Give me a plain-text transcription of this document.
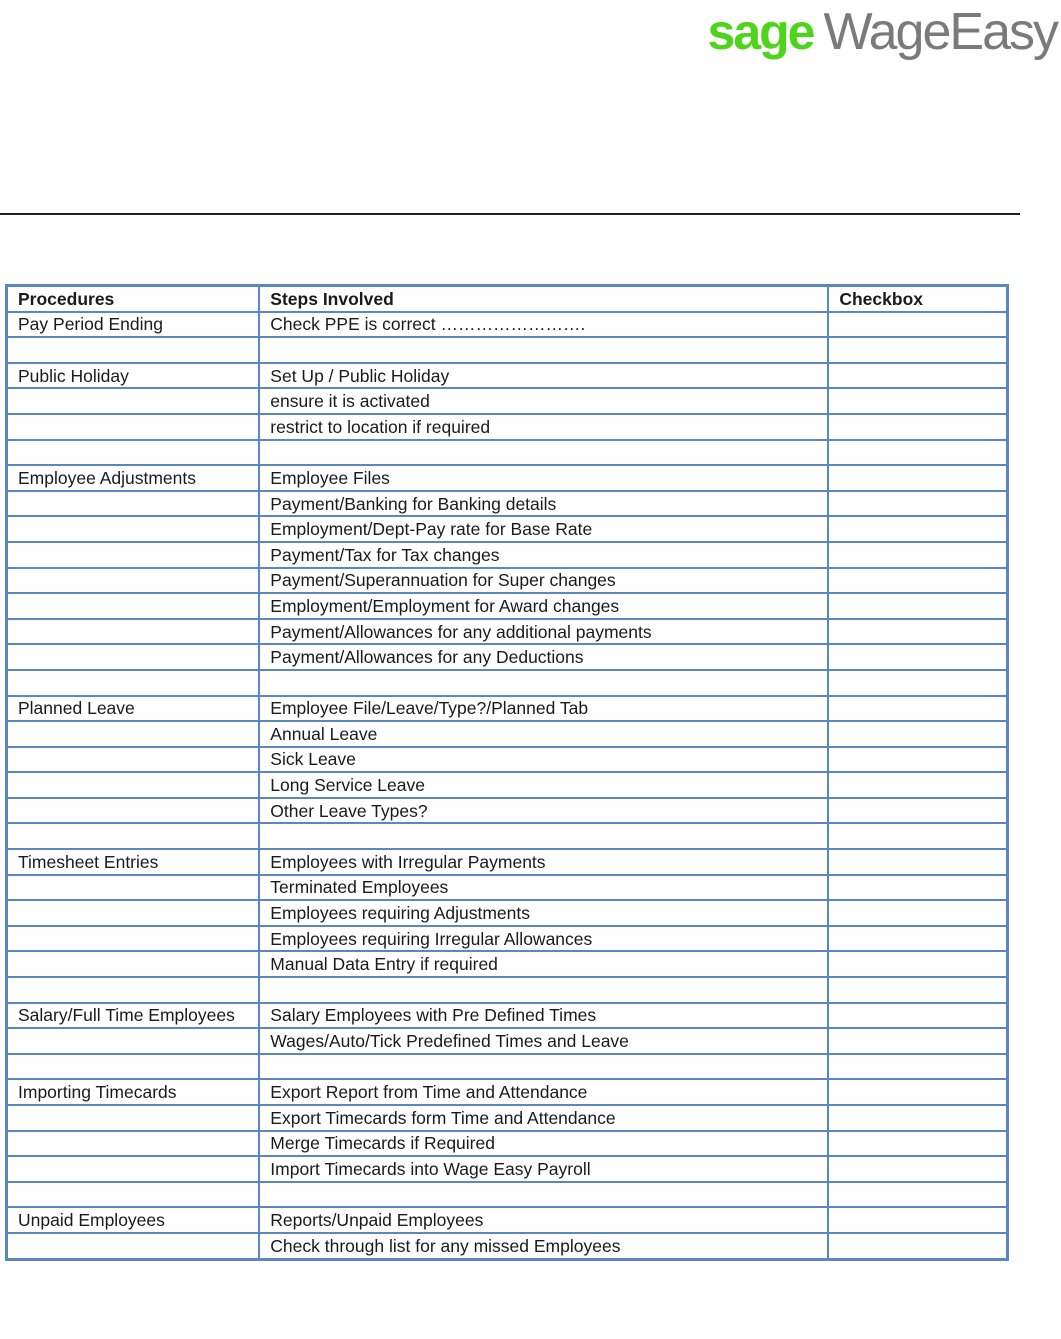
sage WageEasy
Procedures	Steps Involved	Checkbox
Pay Period Ending	Check PPE is correct …………………….	

Public Holiday	Set Up / Public Holiday	
	ensure it is activated	
	restrict to location if required	

Employee Adjustments	Employee Files	
	Payment/Banking for Banking details	
	Employment/Dept-Pay rate for Base Rate	
	Payment/Tax for Tax changes	
	Payment/Superannuation for Super changes	
	Employment/Employment for Award changes	
	Payment/Allowances for any additional payments	
	Payment/Allowances for any Deductions	

Planned Leave	Employee File/Leave/Type?/Planned Tab	
	Annual Leave	
	Sick Leave	
	Long Service Leave	
	Other Leave Types?	

Timesheet Entries	Employees with Irregular Payments	
	Terminated Employees	
	Employees requiring Adjustments	
	Employees requiring Irregular Allowances	
	Manual Data Entry if required	

Salary/Full Time Employees	Salary Employees with Pre Defined Times	
	Wages/Auto/Tick Predefined Times and Leave	

Importing Timecards	Export Report from Time and Attendance	
	Export Timecards form Time and Attendance	
	Merge Timecards if Required	
	Import Timecards into Wage Easy Payroll	

Unpaid Employees	Reports/Unpaid Employees	
	Check through list for any missed Employees	
